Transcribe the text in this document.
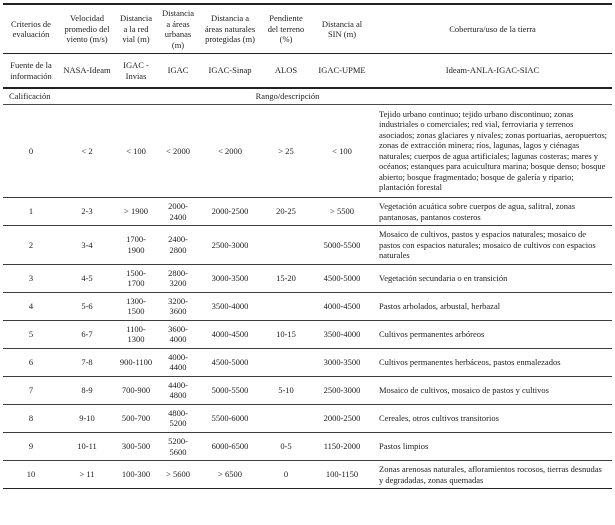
Criterios de evaluación	Velocidad promedio del viento (m/s)	Distancia a la red vial (m)	Distancia a áreas urbanas (m)	Distancia a áreas naturales protegidas (m)	Pendiente del terreno (%)	Distancia al SIN (m)	Cobertura/uso de la tierra
Fuente de la información	NASA-Ideam	IGAC - Invias	IGAC	IGAC-Sinap	ALOS	IGAC-UPME	Ideam-ANLA-IGAC-SIAC
Calificación	Rango/descripción						
0	< 2	< 100	< 2000	< 2000	> 25	< 100	Tejido urbano continuo; tejido urbano discontinuo; zonas industriales o comerciales; red vial, ferroviaria y terrenos asociados; zonas glaciares y nivales; zonas portuarias, aeropuertos; zonas de extracción minera; ríos, lagunas, lagos y ciénagas naturales; cuerpos de agua artificiales; lagunas costeras; mares y océanos; estanques para acuicultura marina; bosque denso; bosque abierto; bosque fragmentado; bosque de galería y ripario; plantación forestal
1	2-3	> 1900	2000-2400	2000-2500	20-25	> 5500	Vegetación acuática sobre cuerpos de agua, salitral, zonas pantanosas, pantanos costeros
2	3-4	1700-1900	2400-2800	2500-3000		5000-5500	Mosaico de cultivos, pastos y espacios naturales; mosaico de pastos con espacios naturales; mosaico de cultivos con espacios naturales
3	4-5	1500-1700	2800-3200	3000-3500	15-20	4500-5000	Vegetación secundaria o en transición
4	5-6	1300-1500	3200-3600	3500-4000		4000-4500	Pastos arbolados, arbustal, herbazal
5	6-7	1100-1300	3600-4000	4000-4500	10-15	3500-4000	Cultivos permanentes arbóreos
6	7-8	900-1100	4000-4400	4500-5000		3000-3500	Cultivos permanentes herbáceos, pastos enmalezados
7	8-9	700-900	4400-4800	5000-5500	5-10	2500-3000	Mosaico de cultivos, mosaico de pastos y cultivos
8	9-10	500-700	4800-5200	5500-6000		2000-2500	Cereales, otros cultivos transitorios
9	10-11	300-500	5200-5600	6000-6500	0-5	1150-2000	Pastos limpios
10	> 11	100-300	> 5600	> 6500	0	100-1150	Zonas arenosas naturales, afloramientos rocosos, tierras desnudas y degradadas, zonas quemadas
